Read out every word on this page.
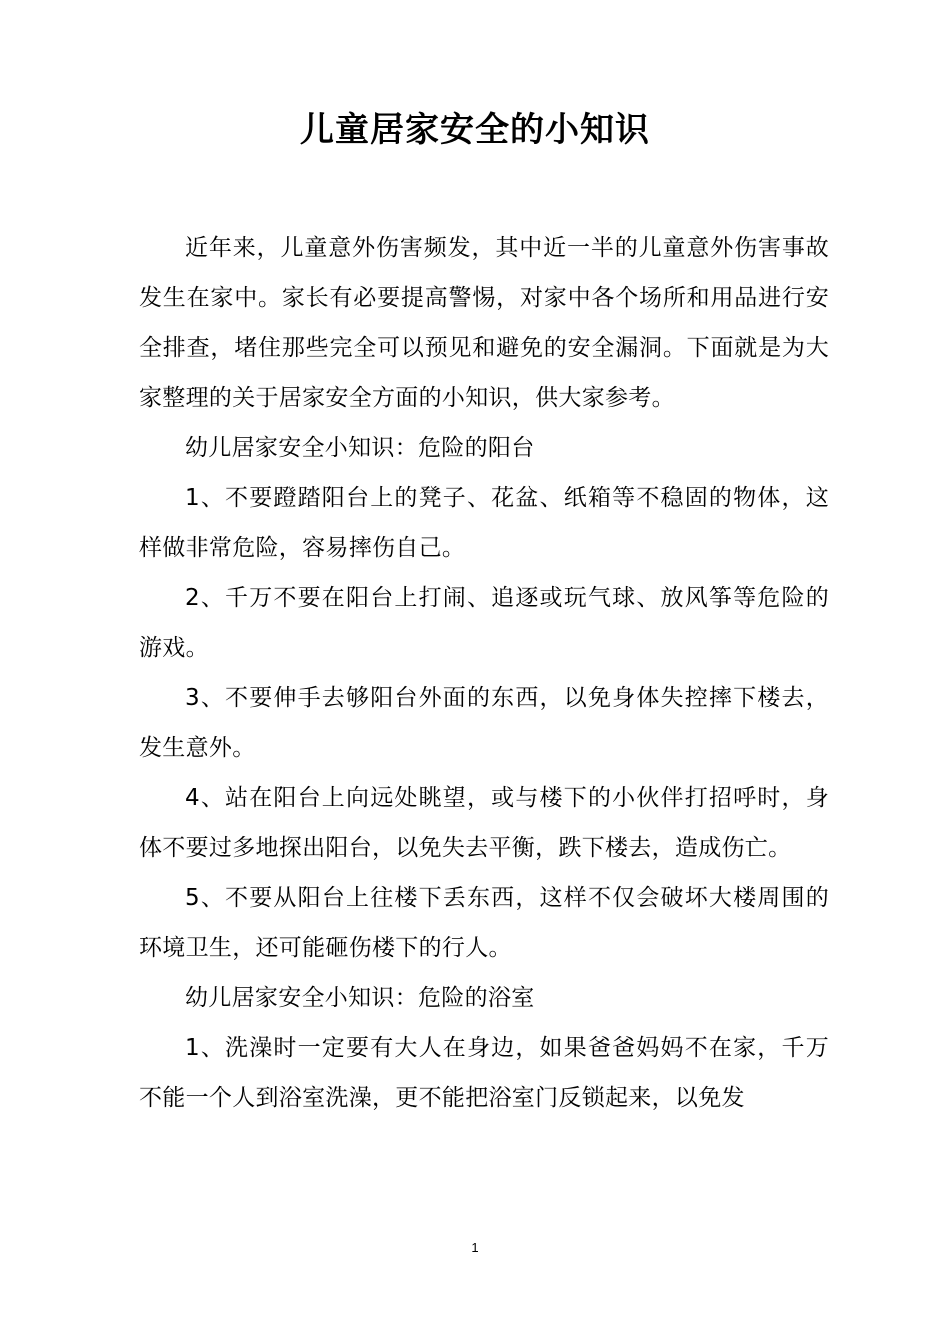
儿童居家安全的小知识

近年来，儿童意外伤害频发，其中近一半的儿童意外伤害事故发生在家中。家长有必要提高警惕，对家中各个场所和用品进行安全排查，堵住那些完全可以预见和避免的安全漏洞。下面就是为大家整理的关于居家安全方面的小知识，供大家参考。

幼儿居家安全小知识：危险的阳台

1、不要蹬踏阳台上的凳子、花盆、纸箱等不稳固的物体，这样做非常危险，容易摔伤自己。

2、千万不要在阳台上打闹、追逐或玩气球、放风筝等危险的游戏。

3、不要伸手去够阳台外面的东西，以免身体失控摔下楼去，发生意外。

4、站在阳台上向远处眺望，或与楼下的小伙伴打招呼时，身体不要过多地探出阳台，以免失去平衡，跌下楼去，造成伤亡。

5、不要从阳台上往楼下丢东西，这样不仅会破坏大楼周围的环境卫生，还可能砸伤楼下的行人。

幼儿居家安全小知识：危险的浴室

1、洗澡时一定要有大人在身边，如果爸爸妈妈不在家，千万不能一个人到浴室洗澡，更不能把浴室门反锁起来，以免发

1
